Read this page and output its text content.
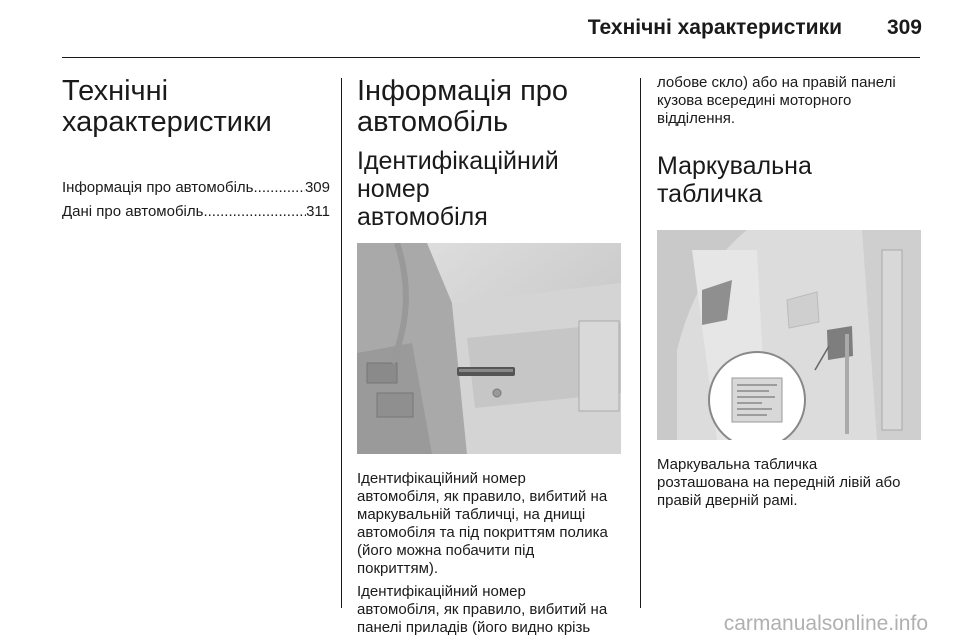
Технічні характеристики 309
Технічні
характеристики
Інформація про автомобіль .....	309
Дані про автомобіль .....	311
Інформація про
автомобіль
Ідентифікаційний номер
автомобіля

Ідентифікаційний номер
автомобіля, як правило, вибитий на
маркувальній табличці, на днищі
автомобіля та під покриттям полика
(його можна побачити під
покриттям).

Ідентифікаційний номер
автомобіля, як правило, вибитий на
панелі приладів (його видно крізь

лобове скло) або на правій панелі
кузова всередині моторного
відділення.

Маркувальна табличка

Маркувальна табличка
розташована на передній лівій або
правій дверній рамі.

carmanualsonline.info
